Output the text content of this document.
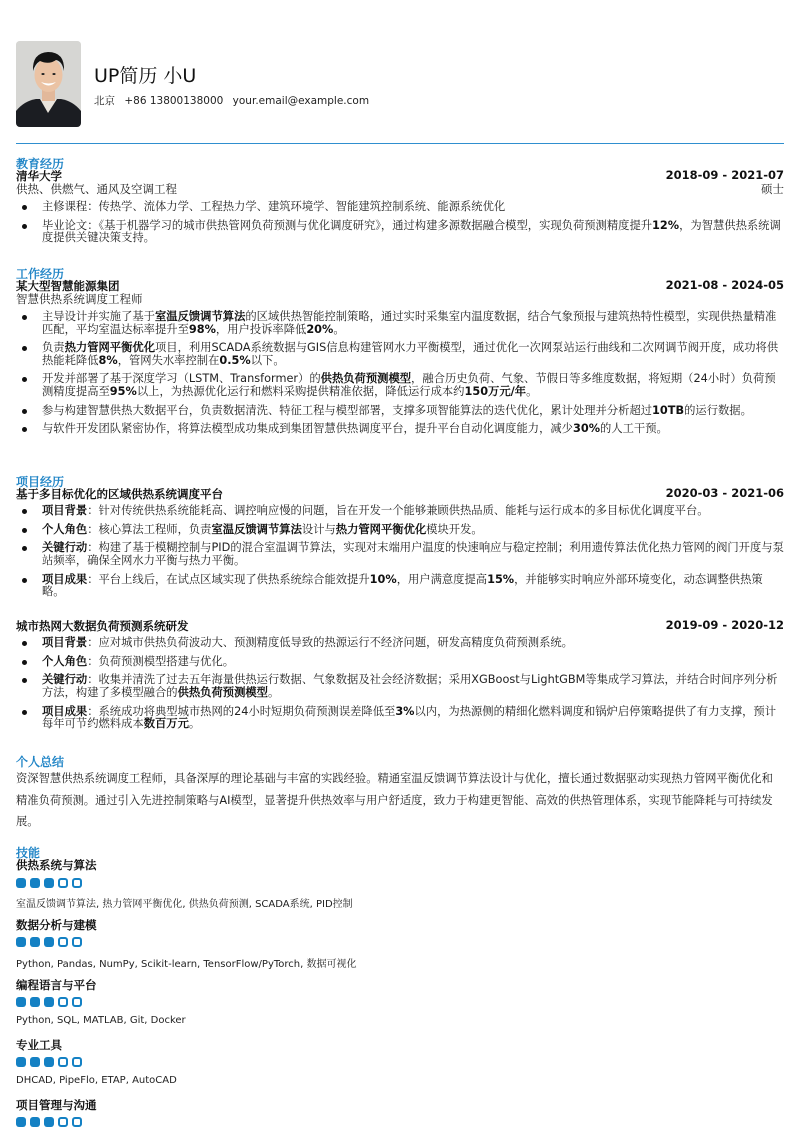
UP简历 小U
北京 +86 13800138000 your.email@example.com
教育经历
清华大学	2018-09 - 2021-07
供热、供燃气、通风及空调工程	硕士
主修课程：传热学、流体力学、工程热力学、建筑环境学、智能建筑控制系统、能源系统优化
毕业论文：《基于机器学习的城市供热管网负荷预测与优化调度研究》，通过构建多源数据融合模型，实现负荷预测精度提升12%，为智慧供热系统调度提供关键决策支持。
工作经历
某大型智慧能源集团	2021-08 - 2024-05
智慧供热系统调度工程师
主导设计并实施了基于室温反馈调节算法的区域供热智能控制策略，通过实时采集室内温度数据，结合气象预报与建筑热特性模型，实现供热量精准匹配，平均室温达标率提升至98%，用户投诉率降低20%。
负责热力管网平衡优化项目，利用SCADA系统数据与GIS信息构建管网水力平衡模型，通过优化一次网泵站运行曲线和二次网调节阀开度，成功将供热能耗降低8%，管网失水率控制在0.5%以下。
开发并部署了基于深度学习（LSTM、Transformer）的供热负荷预测模型，融合历史负荷、气象、节假日等多维度数据，将短期（24小时）负荷预测精度提高至95%以上，为热源优化运行和燃料采购提供精准依据，降低运行成本约150万元/年。
参与构建智慧供热大数据平台，负责数据清洗、特征工程与模型部署，支撑多项智能算法的迭代优化，累计处理并分析超过10TB的运行数据。
与软件开发团队紧密协作，将算法模型成功集成到集团智慧供热调度平台，提升平台自动化调度能力，减少30%的人工干预。
项目经历
基于多目标优化的区域供热系统调度平台	2020-03 - 2021-06
项目背景：针对传统供热系统能耗高、调控响应慢的问题，旨在开发一个能够兼顾供热品质、能耗与运行成本的多目标优化调度平台。
个人角色：核心算法工程师，负责室温反馈调节算法设计与热力管网平衡优化模块开发。
关键行动：构建了基于模糊控制与PID的混合室温调节算法，实现对末端用户温度的快速响应与稳定控制；利用遗传算法优化热力管网的阀门开度与泵站频率，确保全网水力平衡与热力平衡。
项目成果：平台上线后，在试点区域实现了供热系统综合能效提升10%，用户满意度提高15%，并能够实时响应外部环境变化，动态调整供热策略。
城市热网大数据负荷预测系统研发	2019-09 - 2020-12
项目背景：应对城市供热负荷波动大、预测精度低导致的热源运行不经济问题，研发高精度负荷预测系统。
个人角色：负荷预测模型搭建与优化。
关键行动：收集并清洗了过去五年海量供热运行数据、气象数据及社会经济数据；采用XGBoost与LightGBM等集成学习算法，并结合时间序列分析方法，构建了多模型融合的供热负荷预测模型。
项目成果：系统成功将典型城市热网的24小时短期负荷预测误差降低至3%以内，为热源侧的精细化燃料调度和锅炉启停策略提供了有力支撑，预计每年可节约燃料成本数百万元。
个人总结
资深智慧供热系统调度工程师，具备深厚的理论基础与丰富的实践经验。精通室温反馈调节算法设计与优化，擅长通过数据驱动实现热力管网平衡优化和精准负荷预测。通过引入先进控制策略与AI模型，显著提升供热效率与用户舒适度，致力于构建更智能、高效的供热管理体系，实现节能降耗与可持续发展。
技能
供热系统与算法
室温反馈调节算法, 热力管网平衡优化, 供热负荷预测, SCADA系统, PID控制
数据分析与建模
Python, Pandas, NumPy, Scikit-learn, TensorFlow/PyTorch, 数据可视化
编程语言与平台
Python, SQL, MATLAB, Git, Docker
专业工具
DHCAD, PipeFlo, ETAP, AutoCAD
项目管理与沟通
